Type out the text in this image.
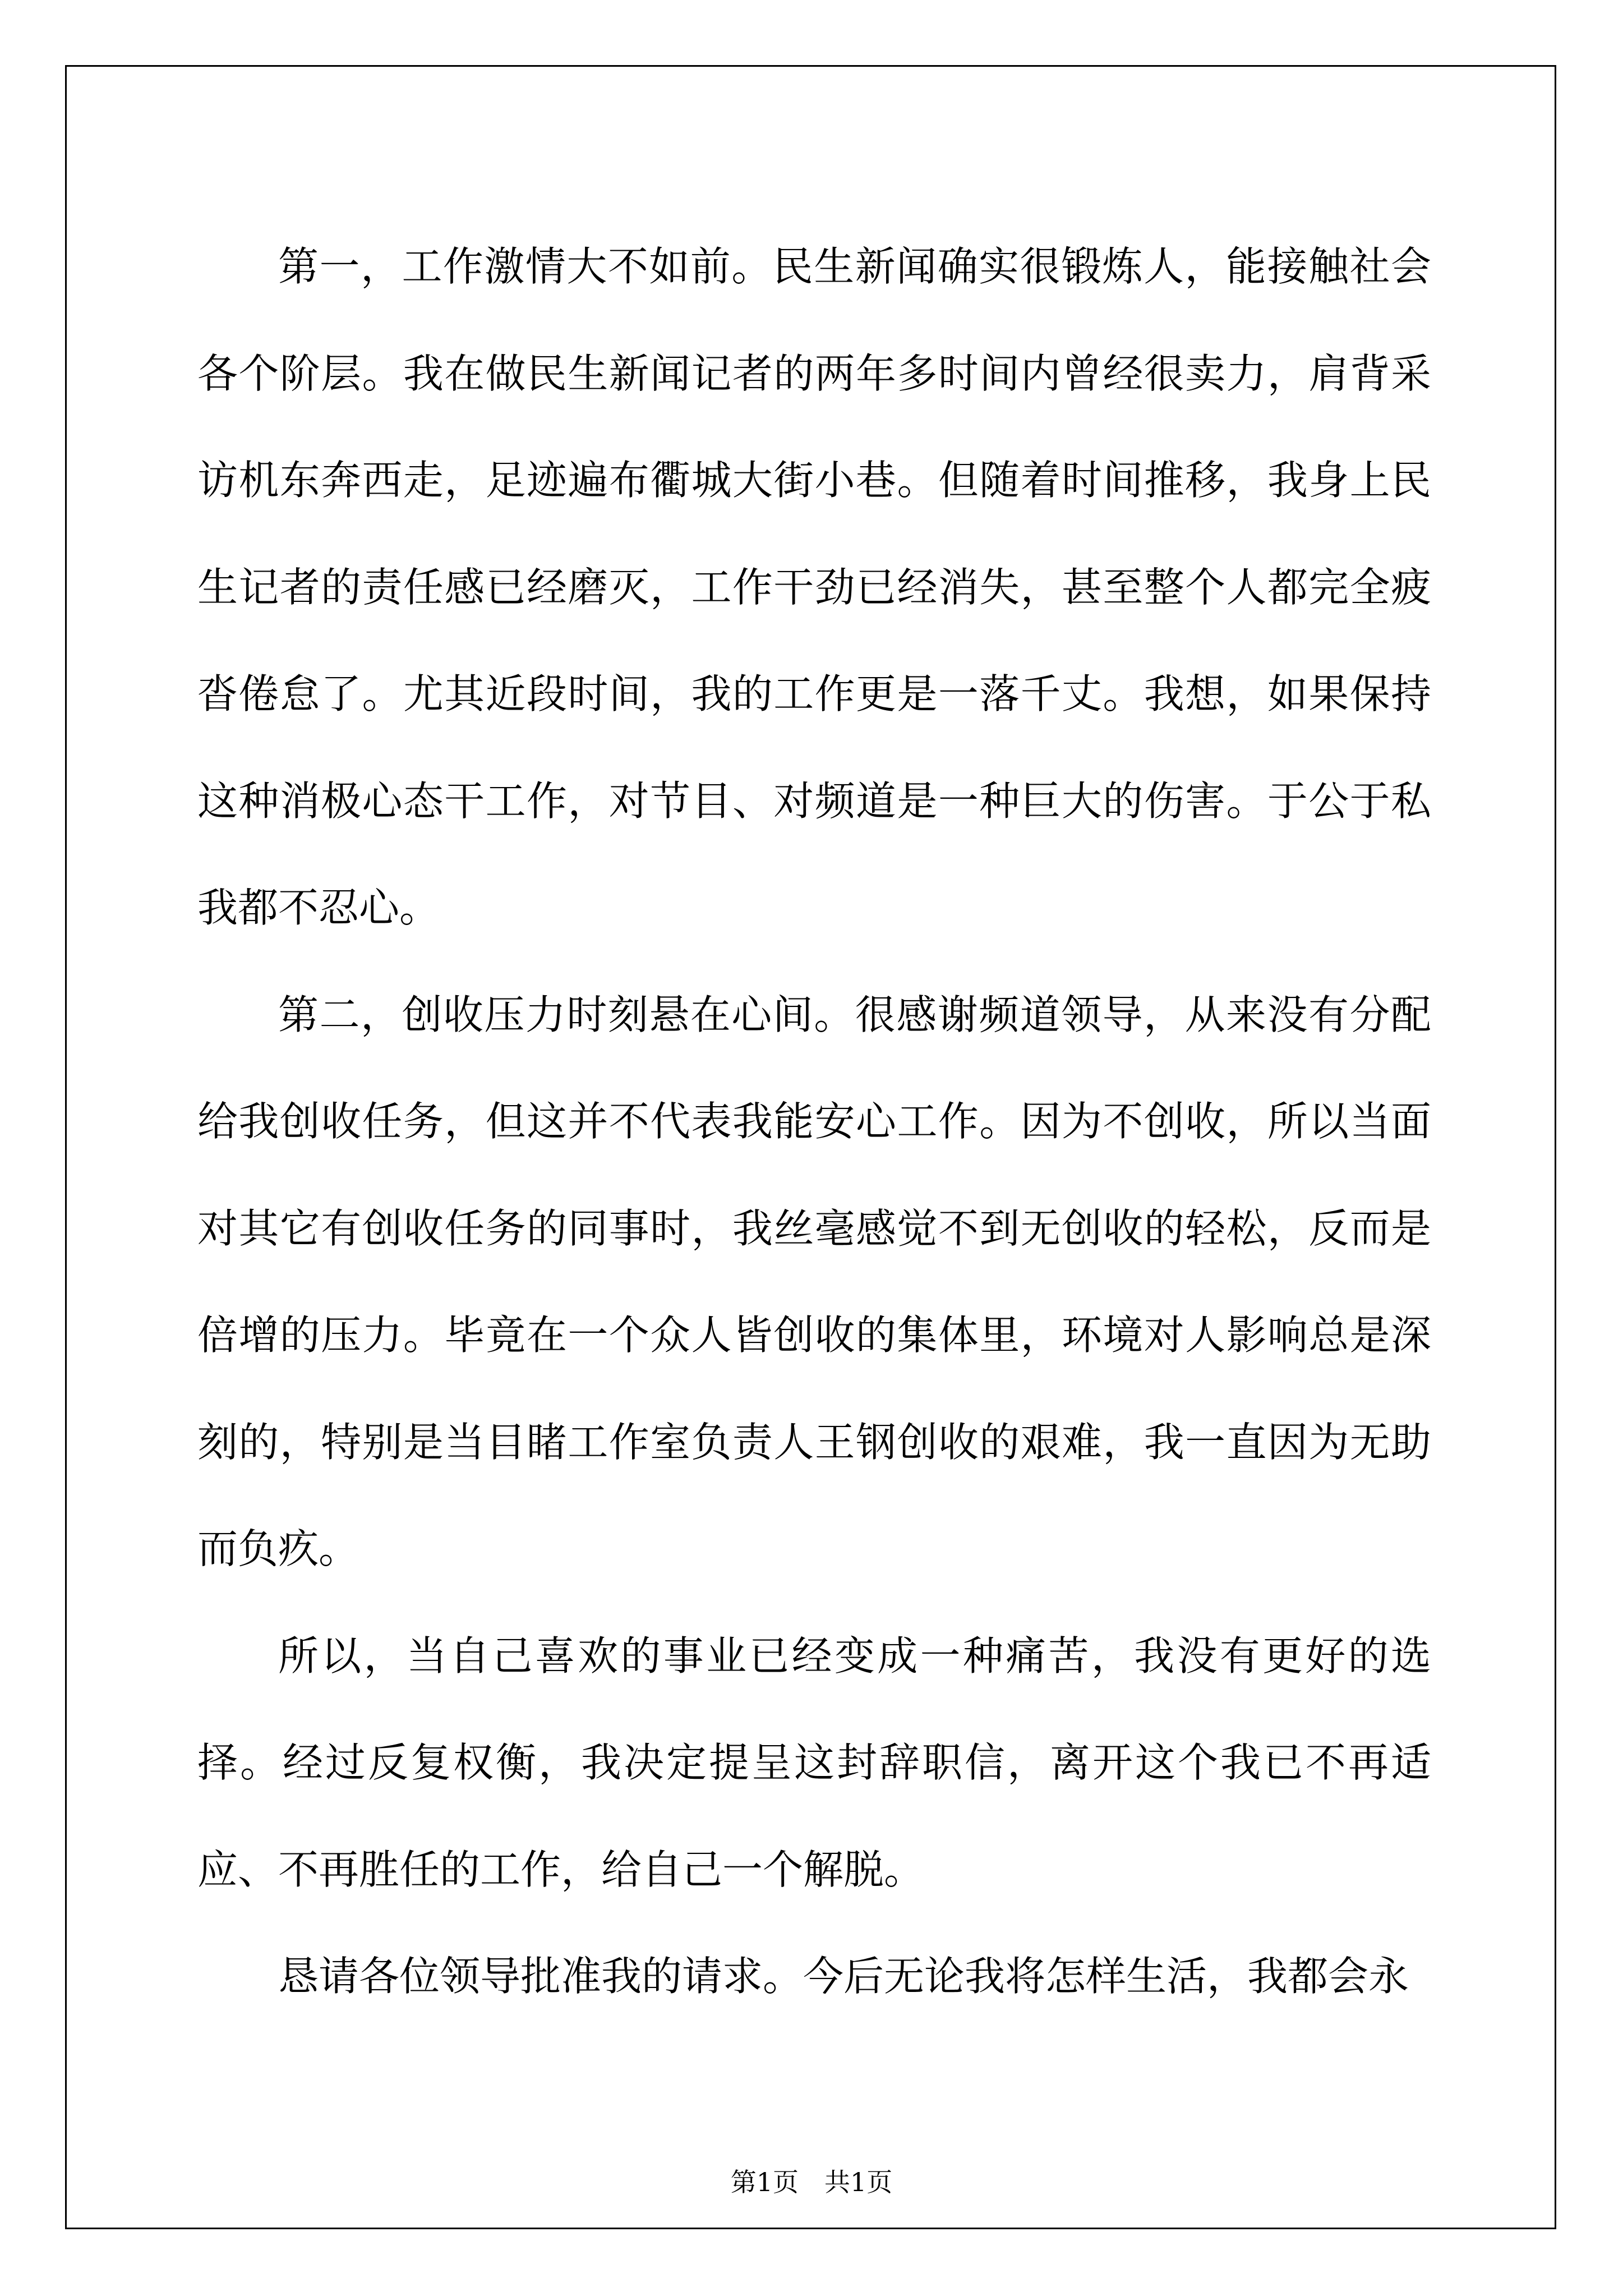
第一，工作激情大不如前。民生新闻确实很锻炼人，能接触社会各个阶层。我在做民生新闻记者的两年多时间内曾经很卖力，肩背采访机东奔西走，足迹遍布衢城大街小巷。但随着时间推移，我身上民生记者的责任感已经磨灭，工作干劲已经消失，甚至整个人都完全疲沓倦怠了。尤其近段时间，我的工作更是一落千丈。我想，如果保持这种消极心态干工作，对节目、对频道是一种巨大的伤害。于公于私我都不忍心。

第二，创收压力时刻悬在心间。很感谢频道领导，从来没有分配给我创收任务，但这并不代表我能安心工作。因为不创收，所以当面对其它有创收任务的同事时，我丝毫感觉不到无创收的轻松，反而是倍增的压力。毕竟在一个众人皆创收的集体里，环境对人影响总是深刻的，特别是当目睹工作室负责人王钢创收的艰难，我一直因为无助而负疚。

所以，当自己喜欢的事业已经变成一种痛苦，我没有更好的选择。经过反复权衡，我决定提呈这封辞职信，离开这个我已不再适应、不再胜任的工作，给自己一个解脱。

恳请各位领导批准我的请求。今后无论我将怎样生活，我都会永

第1页　共1页
